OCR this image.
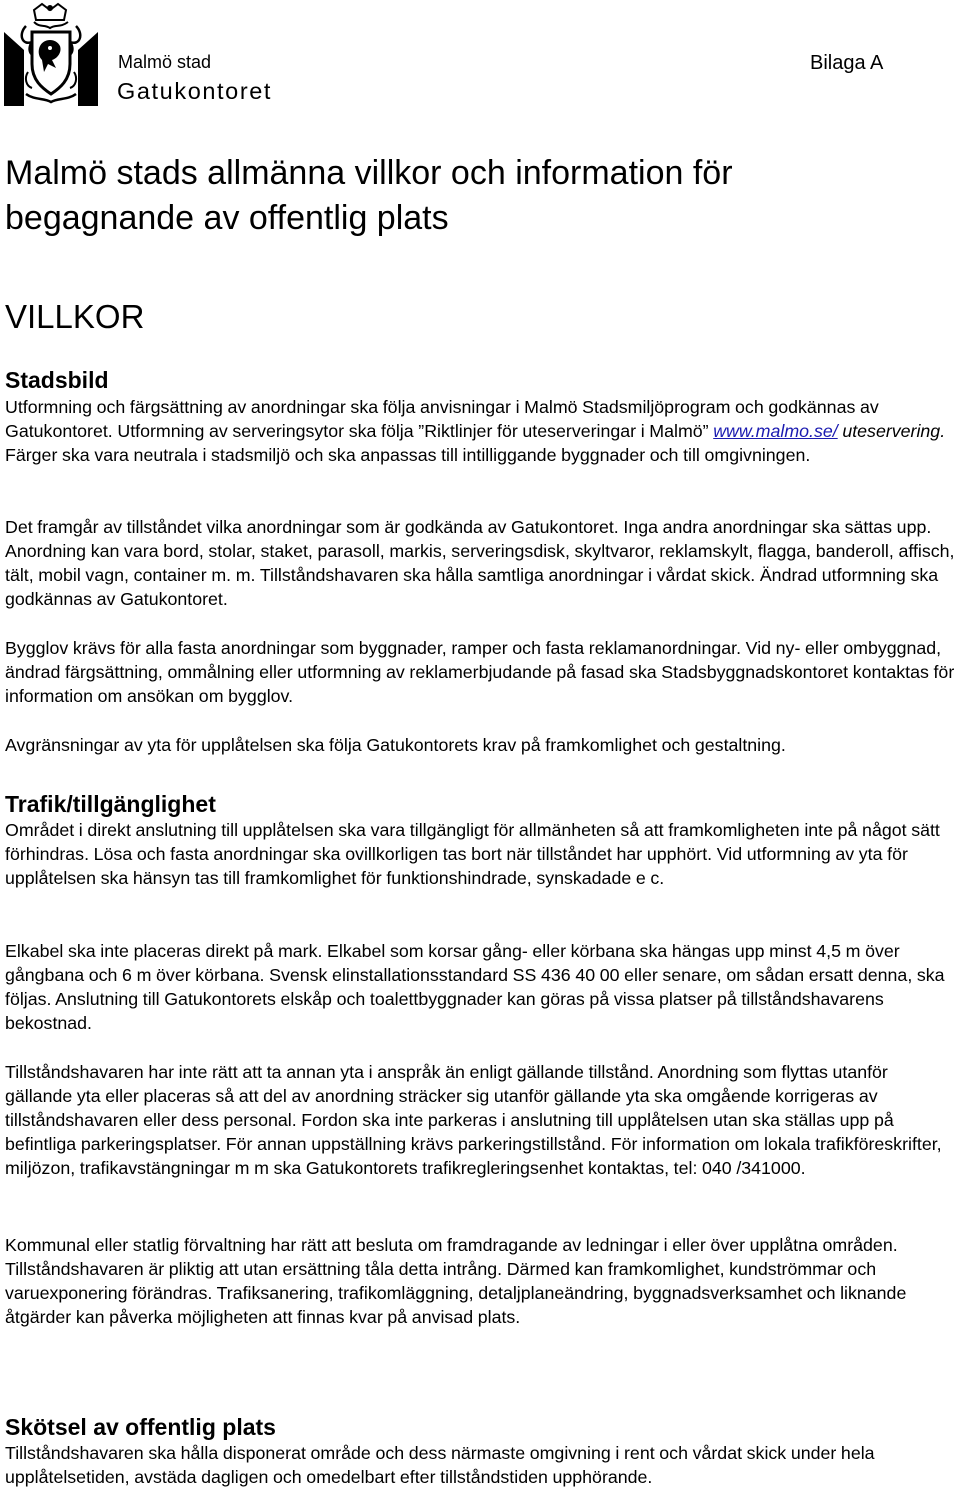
Malmö stad
Gatukontoret
Bilaga A
Malmö stads allmänna villkor och information för
begagnande av offentlig plats
VILLKOR
Stadsbild

Utformning och färgsättning av anordningar ska följa anvisningar i Malmö Stadsmiljöprogram och godkännas av Gatukontoret. Utformning av serveringsytor ska följa ”Riktlinjer för uteserveringar i Malmö” www.malmo.se/ uteservering. Färger ska vara neutrala i stadsmiljö och ska anpassas till intilliggande byggnader och till omgivningen.

Det framgår av tillståndet vilka anordningar som är godkända av Gatukontoret. Inga andra anordningar ska sättas upp. Anordning kan vara bord, stolar, staket, parasoll, markis, serveringsdisk, skyltvaror, reklamskylt, flagga, banderoll, affisch, tält, mobil vagn, container m. m. Tillståndshavaren ska hålla samtliga anordningar i vårdat skick. Ändrad utformning ska godkännas av Gatukontoret.

Bygglov krävs för alla fasta anordningar som byggnader, ramper och fasta reklamanordningar. Vid ny- eller ombyggnad, ändrad färgsättning, ommålning eller utformning av reklamerbjudande på fasad ska Stadsbyggnadskontoret kontaktas för information om ansökan om bygglov.

Avgränsningar av yta för upplåtelsen ska följa Gatukontorets krav på framkomlighet och gestaltning.

Trafik/tillgänglighet

Området i direkt anslutning till upplåtelsen ska vara tillgängligt för allmänheten så att framkomligheten inte på något sätt förhindras. Lösa och fasta anordningar ska ovillkorligen tas bort när tillståndet har upphört. Vid utformning av yta för upplåtelsen ska hänsyn tas till framkomlighet för funktionshindrade, synskadade e c.

Elkabel ska inte placeras direkt på mark. Elkabel som korsar gång- eller körbana ska hängas upp minst 4,5 m över gångbana och 6 m över körbana. Svensk elinstallationsstandard SS 436 40 00 eller senare, om sådan ersatt denna, ska följas. Anslutning till Gatukontorets elskåp och toalettbyggnader kan göras på vissa platser på tillståndshavarens bekostnad.

Tillståndshavaren har inte rätt att ta annan yta i anspråk än enligt gällande tillstånd. Anordning som flyttas utanför gällande yta eller placeras så att del av anordning sträcker sig utanför gällande yta ska omgående korrigeras av tillståndshavaren eller dess personal. Fordon ska inte parkeras i anslutning till upplåtelsen utan ska ställas upp på befintliga parkeringsplatser. För annan uppställning krävs parkeringstillstånd. För information om lokala trafikföreskrifter, miljözon, trafikavstängningar m m ska Gatukontorets trafikregleringsenhet kontaktas, tel: 040 /341000.

Kommunal eller statlig förvaltning har rätt att besluta om framdragande av ledningar i eller över upplåtna områden. Tillståndshavaren är pliktig att utan ersättning tåla detta intrång. Därmed kan framkomlighet, kundströmmar och varuexponering förändras. Trafiksanering, trafikomläggning, detaljplaneändring, byggnadsverksamhet och liknande åtgärder kan påverka möjligheten att finnas kvar på anvisad plats.

Skötsel av offentlig plats

Tillståndshavaren ska hålla disponerat område och dess närmaste omgivning i rent och vårdat skick under hela upplåtelsetiden, avstäda dagligen och omedelbart efter tillståndstiden upphörande.
